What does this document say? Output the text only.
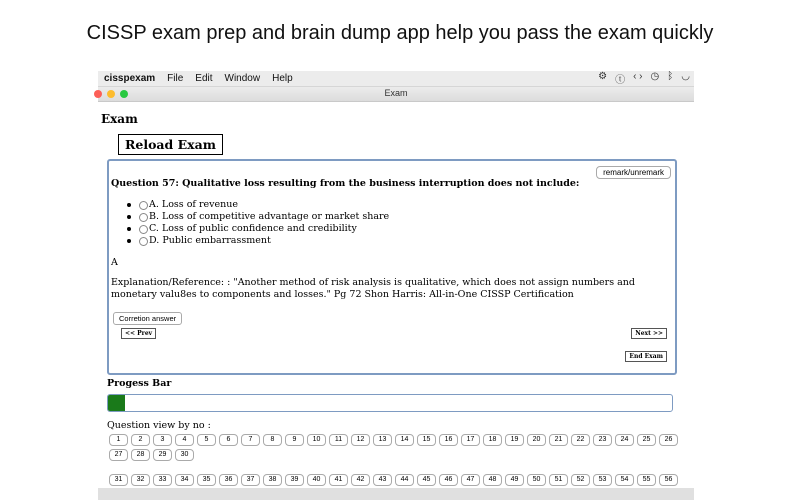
CISSP exam prep and brain dump app help you pass the exam quickly
cisspexam File Edit Window Help	⚙ ⓣ ‹ › ◷ ᛒ ◡
Exam
Exam
Reload Exam
remark/unremark
Question 57: Qualitative loss resulting from the business interruption does not include:
A. Loss of revenue
B. Loss of competitive advantage or market share
C. Loss of public confidence and credibility
D. Public embarrassment
A
Explanation/Reference: : "Another method of risk analysis is qualitative, which does not assign numbers and monetary valu8es to components and losses." Pg 72 Shon Harris: All-in-One CISSP Certification
Corretion answer
<< Prev	Next >>
End Exam
Progess Bar
Question view by no :
1	2	3	4	5	6	7	8	9	10	11	12	13	14	15	16	17	18	19	20	21	22	23	24	25	26
27	28	29	30
31	32	33	34	35	36	37	38	39	40	41	42	43	44	45	46	47	48	49	50	51	52	53	54	55	56
